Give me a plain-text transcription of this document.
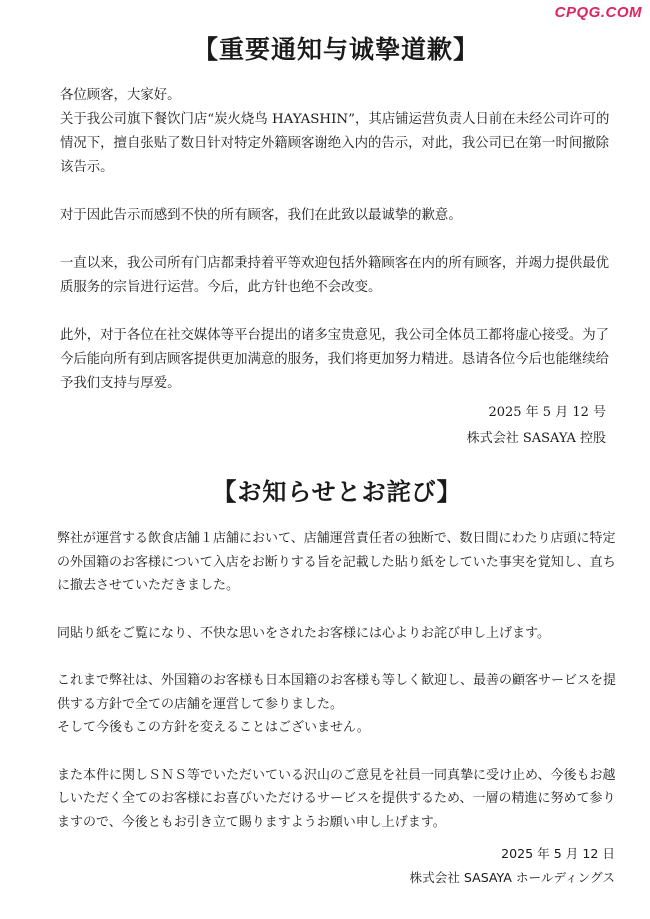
CPQG.COM
【重要通知与诚挚道歉】

各位顾客，大家好。

关于我公司旗下餐饮门店“炭火烧鸟 HAYASHIN”，其店铺运营负责人日前在未经公司许可的情况下，擅自张贴了数日针对特定外籍顾客谢绝入内的告示，对此，我公司已在第一时间撤除该告示。

对于因此告示而感到不快的所有顾客，我们在此致以最诚挚的歉意。

一直以来，我公司所有门店都秉持着平等欢迎包括外籍顾客在内的所有顾客，并竭力提供最优质服务的宗旨进行运营。今后，此方针也绝不会改变。

此外，对于各位在社交媒体等平台提出的诸多宝贵意见，我公司全体员工都将虚心接受。为了今后能向所有到店顾客提供更加满意的服务，我们将更加努力精进。恳请各位今后也能继续给予我们支持与厚爱。

2025 年 5 月 12 号
株式会社 SASAYA 控股
【お知らせとお詫び】

弊社が運営する飲食店舗１店舗において、店舗運営責任者の独断で、数日間にわたり店頭に特定の外国籍のお客様について入店をお断りする旨を記載した貼り紙をしていた事実を覚知し、直ちに撤去させていただきました。

同貼り紙をご覧になり、不快な思いをされたお客様には心よりお詫び申し上げます。

これまで弊社は、外国籍のお客様も日本国籍のお客様も等しく歓迎し、最善の顧客サービスを提供する方針で全ての店舗を運営して参りました。

そして今後もこの方針を変えることはございません。

また本件に関しＳＮＳ等でいただいている沢山のご意見を社員一同真摯に受け止め、今後もお越しいただく全てのお客様にお喜びいただけるサービスを提供するため、一層の精進に努めて参りますので、今後ともお引き立て賜りますようお願い申し上げます。

2025 年 5 月 12 日
株式会社 SASAYA ホールディングス
